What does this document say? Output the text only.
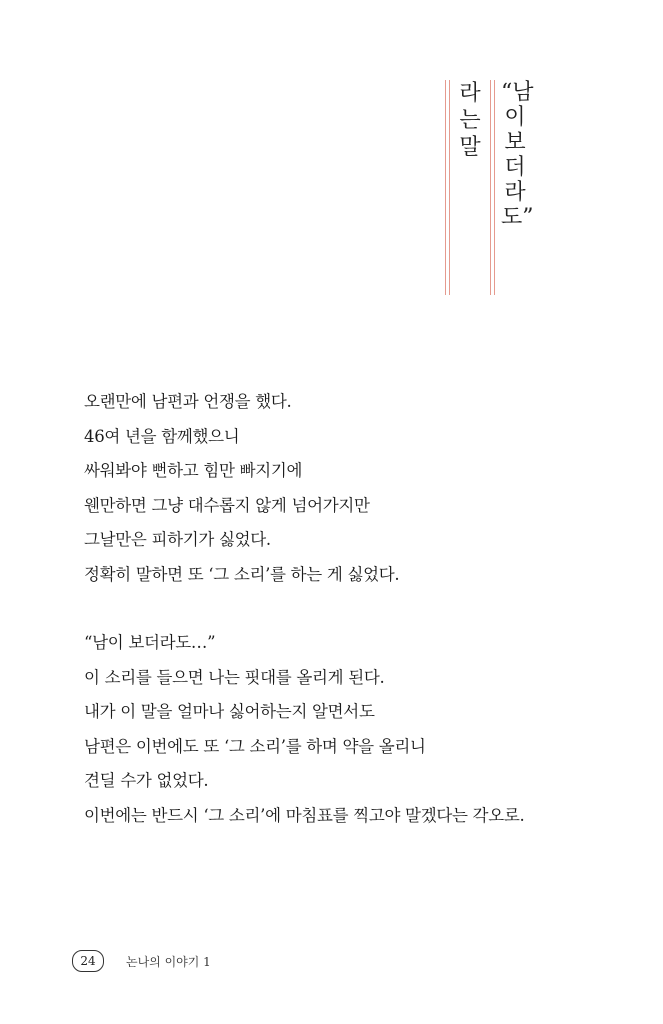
라는 말
“남이 보더라도”
오랜만에 남편과 언쟁을 했다.
46여 년을 함께했으니
싸워봐야 뻔하고 힘만 빠지기에
웬만하면 그냥 대수롭지 않게 넘어가지만
그날만은 피하기가 싫었다.
정확히 말하면 또 ‘그 소리’를 하는 게 싫었다.
“남이 보더라도…”
이 소리를 들으면 나는 핏대를 올리게 된다.
내가 이 말을 얼마나 싫어하는지 알면서도
남편은 이번에도 또 ‘그 소리’를 하며 약을 올리니
견딜 수가 없었다.
이번에는 반드시 ‘그 소리’에 마침표를 찍고야 말겠다는 각오로.
24	논나의 이야기 1
